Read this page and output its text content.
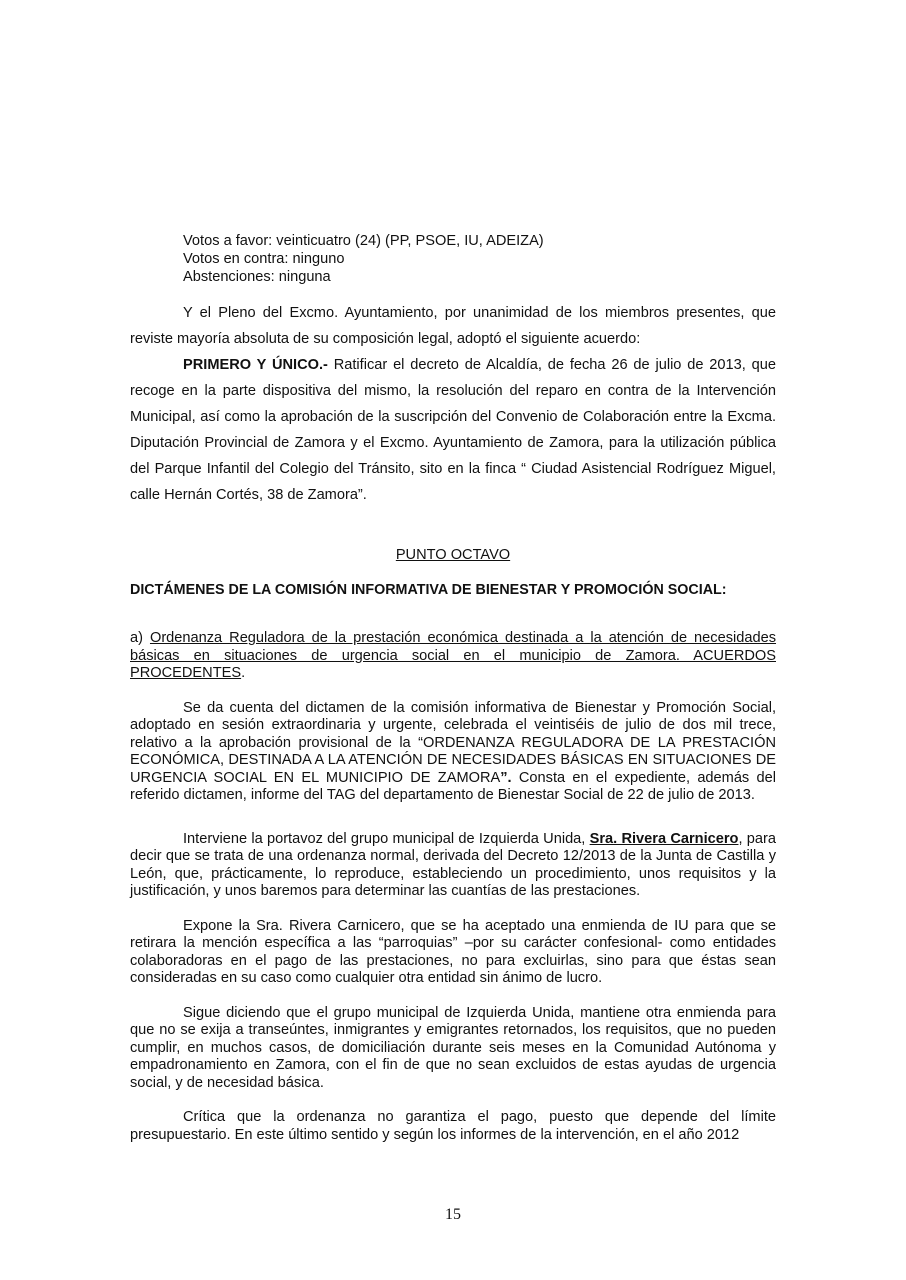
Votos a favor: veinticuatro (24) (PP, PSOE, IU, ADEIZA)
Votos en contra: ninguno
Abstenciones: ninguna

Y el Pleno del Excmo. Ayuntamiento, por unanimidad de los miembros presentes, que reviste mayoría absoluta de su composición legal, adoptó el siguiente acuerdo:

PRIMERO Y ÚNICO.- Ratificar el decreto de Alcaldía, de fecha 26 de julio de 2013, que recoge en la parte dispositiva del mismo, la resolución del reparo en contra de la Intervención Municipal, así como la aprobación de la suscripción del Convenio de Colaboración entre la Excma. Diputación Provincial de Zamora y el Excmo. Ayuntamiento de Zamora, para la utilización pública del Parque Infantil del Colegio del Tránsito, sito en la finca “ Ciudad Asistencial Rodríguez Miguel, calle Hernán Cortés, 38 de Zamora”.

PUNTO OCTAVO
DICTÁMENES DE LA COMISIÓN INFORMATIVA DE BIENESTAR Y PROMOCIÓN SOCIAL:

a) Ordenanza Reguladora de la prestación económica destinada a la atención de necesidades básicas en situaciones de urgencia social en el municipio de Zamora. ACUERDOS PROCEDENTES.

Se da cuenta del dictamen de la comisión informativa de Bienestar y Promoción Social, adoptado en sesión extraordinaria y urgente, celebrada el veintiséis de julio de dos mil trece, relativo a la aprobación provisional de la “ORDENANZA REGULADORA DE LA PRESTACIÓN ECONÓMICA, DESTINADA A LA ATENCIÓN DE NECESIDADES BÁSICAS EN SITUACIONES DE URGENCIA SOCIAL EN EL MUNICIPIO DE ZAMORA”. Consta en el expediente, además del referido dictamen, informe del TAG del departamento de Bienestar Social de 22 de julio de 2013.

Interviene la portavoz del grupo municipal de Izquierda Unida, Sra. Rivera Carnicero, para decir que se trata de una ordenanza normal, derivada del Decreto 12/2013 de la Junta de Castilla y León, que, prácticamente, lo reproduce, estableciendo un procedimiento, unos requisitos y la justificación, y unos baremos para determinar las cuantías de las prestaciones.

Expone la Sra. Rivera Carnicero, que se ha aceptado una enmienda de IU para que se retirara la mención específica a las “parroquias” –por su carácter confesional- como entidades colaboradoras en el pago de las prestaciones, no para excluirlas, sino para que éstas sean consideradas en su caso como cualquier otra entidad sin ánimo de lucro.

Sigue diciendo que el grupo municipal de Izquierda Unida, mantiene otra enmienda para que no se exija a transeúntes, inmigrantes y emigrantes retornados, los requisitos, que no pueden cumplir, en muchos casos, de domiciliación durante seis meses en la Comunidad Autónoma y empadronamiento en Zamora, con el fin de que no sean excluidos de estas ayudas de urgencia social, y de necesidad básica.

Crítica que la ordenanza no garantiza el pago, puesto que depende del límite presupuestario. En este último sentido y según los informes de la intervención, en el año 2012

15
